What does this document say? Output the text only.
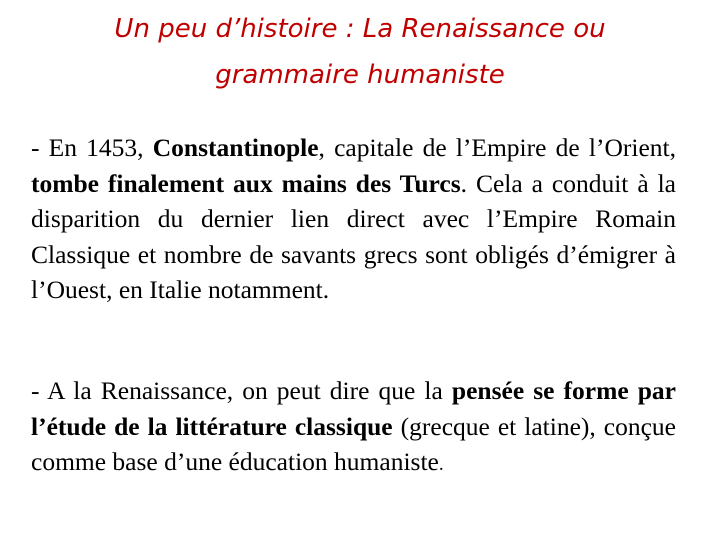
Un peu d’histoire : La Renaissance ou
grammaire humaniste

- En 1453, Constantinople, capitale de l’Empire de l’Orient, tombe finalement aux mains des Turcs. Cela a conduit à la disparition du dernier lien direct avec l’Empire Romain Classique et nombre de savants grecs sont obligés d’émigrer à l’Ouest, en Italie notamment.

- A la Renaissance, on peut dire que la pensée se forme par l’étude de la littérature classique (grecque et latine), conçue comme base d’une éducation humaniste.
